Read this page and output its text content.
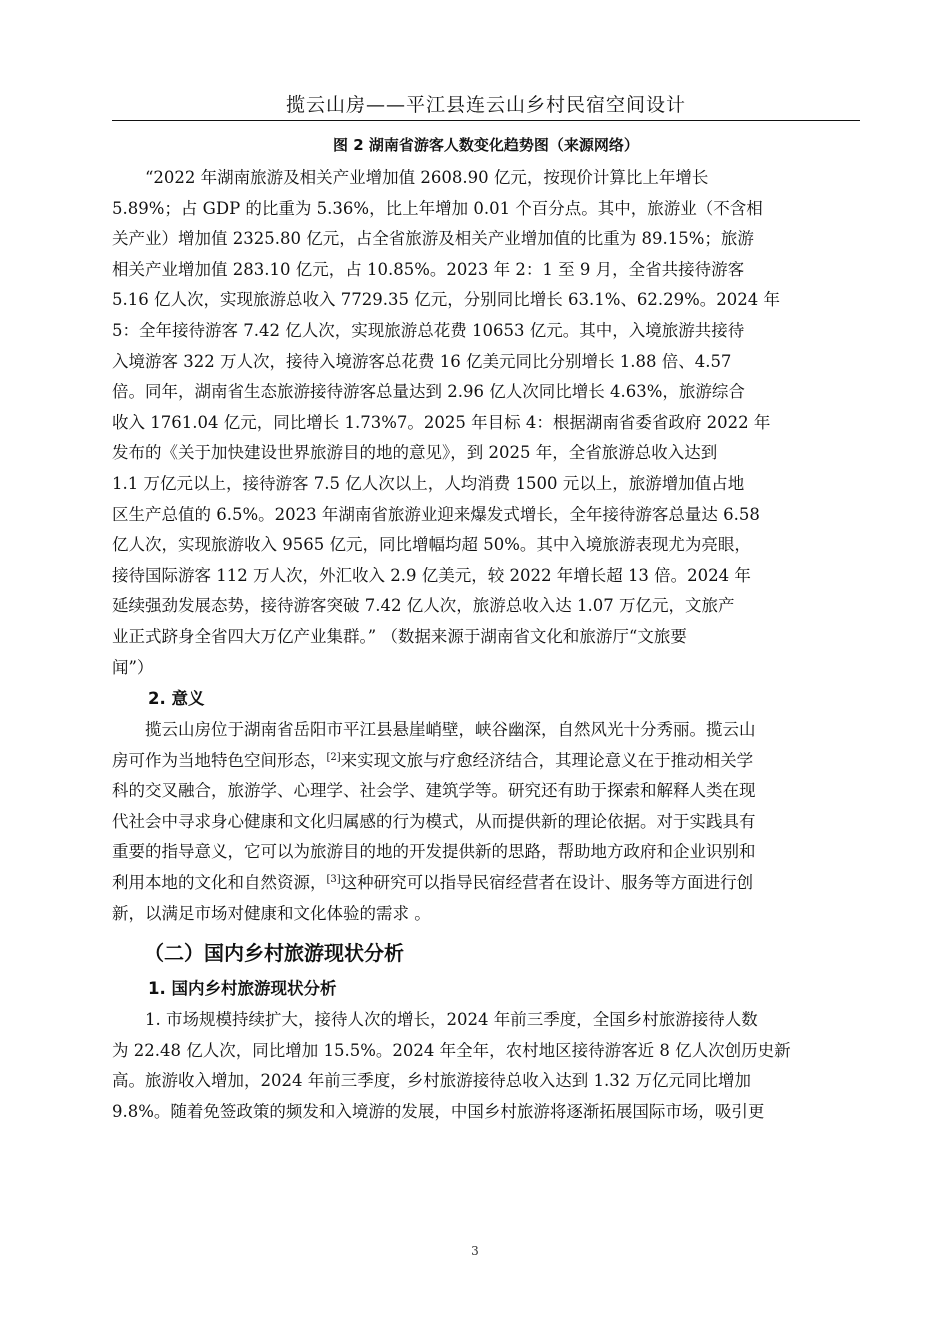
揽云山房——平江县连云山乡村民宿空间设计
图 2 湖南省游客人数变化趋势图（来源网络）

“2022 年湖南旅游及相关产业增加值 2608.90 亿元，按现价计算比上年增长
5.89%；占 GDP 的比重为 5.36%，比上年增加 0.01 个百分点。其中，旅游业（不含相
关产业）增加值 2325.80 亿元，占全省旅游及相关产业增加值的比重为 89.15%；旅游
相关产业增加值 283.10 亿元，占 10.85%。2023 年 2：1 至 9 月，全省共接待游客
5.16 亿人次，实现旅游总收入 7729.35 亿元，分别同比增长 63.1%、62.29%。2024 年
5：全年接待游客 7.42 亿人次，实现旅游总花费 10653 亿元。其中，入境旅游共接待
入境游客 322 万人次，接待入境游客总花费 16 亿美元同比分别增长 1.88 倍、4.57
倍。同年，湖南省生态旅游接待游客总量达到 2.96 亿人次同比增长 4.63%，旅游综合
收入 1761.04 亿元，同比增长 1.73%7。2025 年目标 4：根据湖南省委省政府 2022 年
发布的《关于加快建设世界旅游目的地的意见》，到 2025 年，全省旅游总收入达到
1.1 万亿元以上，接待游客 7.5 亿人次以上，人均消费 1500 元以上，旅游增加值占地
区生产总值的 6.5%。2023 年湖南省旅游业迎来爆发式增长，全年接待游客总量达 6.58
亿人次，实现旅游收入 9565 亿元，同比增幅均超 50%。其中入境旅游表现尤为亮眼，
接待国际游客 112 万人次，外汇收入 2.9 亿美元，较 2022 年增长超 13 倍。2024 年
延续强劲发展态势，接待游客突破 7.42 亿人次，旅游总收入达 1.07 万亿元，文旅产
业正式跻身全省四大万亿产业集群。” （数据来源于湖南省文化和旅游厅“文旅要
闻”）

2. 意义

揽云山房位于湖南省岳阳市平江县悬崖峭壁，峡谷幽深，自然风光十分秀丽。揽云山
房可作为当地特色空间形态，[2]来实现文旅与疗愈经济结合，其理论意义在于推动相关学
科的交叉融合，旅游学、心理学、社会学、建筑学等。研究还有助于探索和解释人类在现
代社会中寻求身心健康和文化归属感的行为模式，从而提供新的理论依据。对于实践具有
重要的指导意义，它可以为旅游目的地的开发提供新的思路，帮助地方政府和企业识别和
利用本地的文化和自然资源，[3]这种研究可以指导民宿经营者在设计、服务等方面进行创
新，以满足市场对健康和文化体验的需求 。

（二）国内乡村旅游现状分析
1. 国内乡村旅游现状分析

1. 市场规模持续扩大，接待人次的增长，2024 年前三季度，全国乡村旅游接待人数
为 22.48 亿人次，同比增加 15.5%。2024 年全年，农村地区接待游客近 8 亿人次创历史新
高。旅游收入增加，2024 年前三季度，乡村旅游接待总收入达到 1.32 万亿元同比增加
9.8%。随着免签政策的频发和入境游的发展，中国乡村旅游将逐渐拓展国际市场，吸引更

3
